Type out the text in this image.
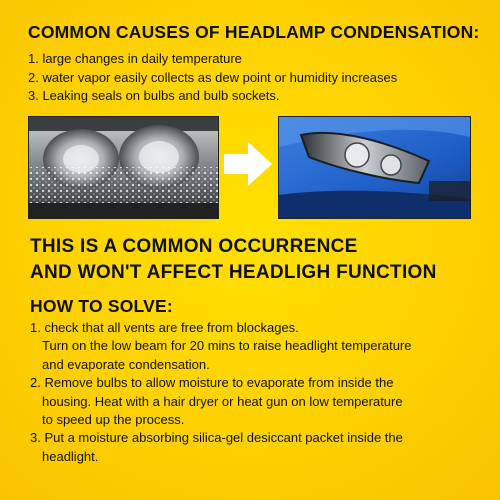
COMMON CAUSES OF HEADLAMP CONDENSATION:
1. large changes in daily temperature
2. water vapor easily collects as dew point or humidity increases
3. Leaking seals on bulbs and bulb sockets.
THIS IS A COMMON OCCURRENCE
AND WON'T AFFECT HEADLIGH FUNCTION
HOW TO SOLVE:
1. check that all vents are free from blockages.
Turn on the low beam for 20 mins to raise headlight temperature
and evaporate condensation.
2. Remove bulbs to allow moisture to evaporate from inside the
housing. Heat with a hair dryer or heat gun on low temperature
to speed up the process.
3. Put a moisture absorbing silica-gel desiccant packet inside the
headlight.
